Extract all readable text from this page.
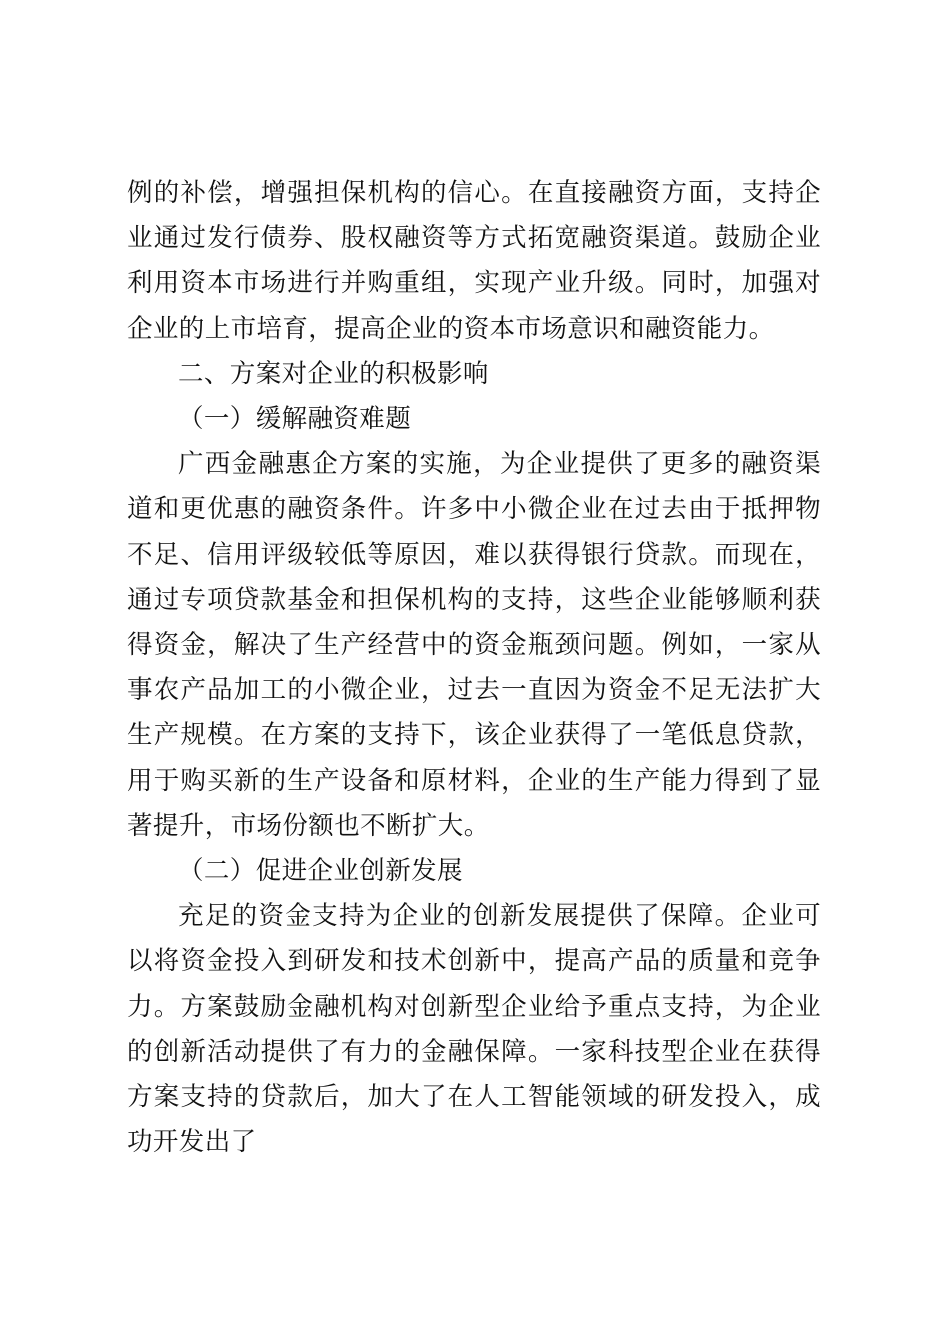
例的补偿，增强担保机构的信心。在直接融资方面，支持企业通过发行债券、股权融资等方式拓宽融资渠道。鼓励企业利用资本市场进行并购重组，实现产业升级。同时，加强对企业的上市培育，提高企业的资本市场意识和融资能力。

二、方案对企业的积极影响

（一）缓解融资难题

广西金融惠企方案的实施，为企业提供了更多的融资渠道和更优惠的融资条件。许多中小微企业在过去由于抵押物不足、信用评级较低等原因，难以获得银行贷款。而现在，通过专项贷款基金和担保机构的支持，这些企业能够顺利获得资金，解决了生产经营中的资金瓶颈问题。例如，一家从事农产品加工的小微企业，过去一直因为资金不足无法扩大生产规模。在方案的支持下，该企业获得了一笔低息贷款，用于购买新的生产设备和原材料，企业的生产能力得到了显著提升，市场份额也不断扩大。

（二）促进企业创新发展

充足的资金支持为企业的创新发展提供了保障。企业可以将资金投入到研发和技术创新中，提高产品的质量和竞争力。方案鼓励金融机构对创新型企业给予重点支持，为企业的创新活动提供了有力的金融保障。一家科技型企业在获得方案支持的贷款后，加大了在人工智能领域的研发投入，成功开发出了
